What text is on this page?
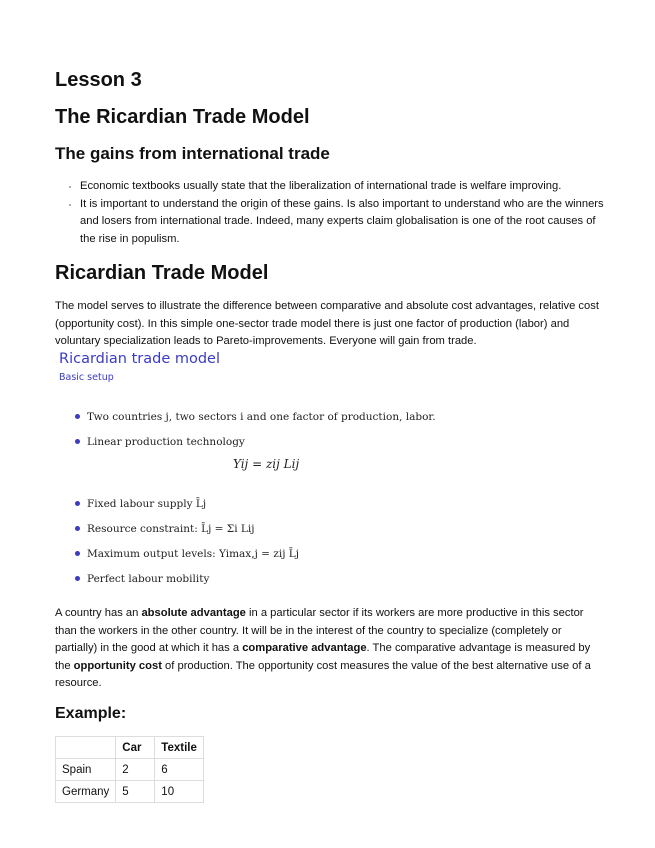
Lesson 3
The Ricardian Trade Model
The gains from international trade
• Economic textbooks usually state that the liberalization of international trade is welfare improving.
• It is important to understand the origin of these gains. Is also important to understand who are the winners and losers from international trade. Indeed, many experts claim globalisation is one of the root causes of the rise in populism.
Ricardian Trade Model

The model serves to illustrate the difference between comparative and absolute cost advantages, relative cost (opportunity cost). In this simple one-sector trade model there is just one factor of production (labor) and voluntary specialization leads to Pareto-improvements. Everyone will gain from trade.

Ricardian trade model
Basic setup
Two countries j, two sectors i and one factor of production, labor.
Linear production technology
Yij = zij Lij
Fixed labour supply L̄j
Resource constraint: L̄j = Σi Lij
Maximum output levels: Yimax,j = zij L̄j
Perfect labour mobility

A country has an absolute advantage in a particular sector if its workers are more productive in this sector than the workers in the other country. It will be in the interest of the country to specialize (completely or partially) in the good at which it has a comparative advantage. The comparative advantage is measured by the opportunity cost of production. The opportunity cost measures the value of the best alternative use of a resource.

Example:
	Car	Textile
Spain	2	6
Germany	5	10
